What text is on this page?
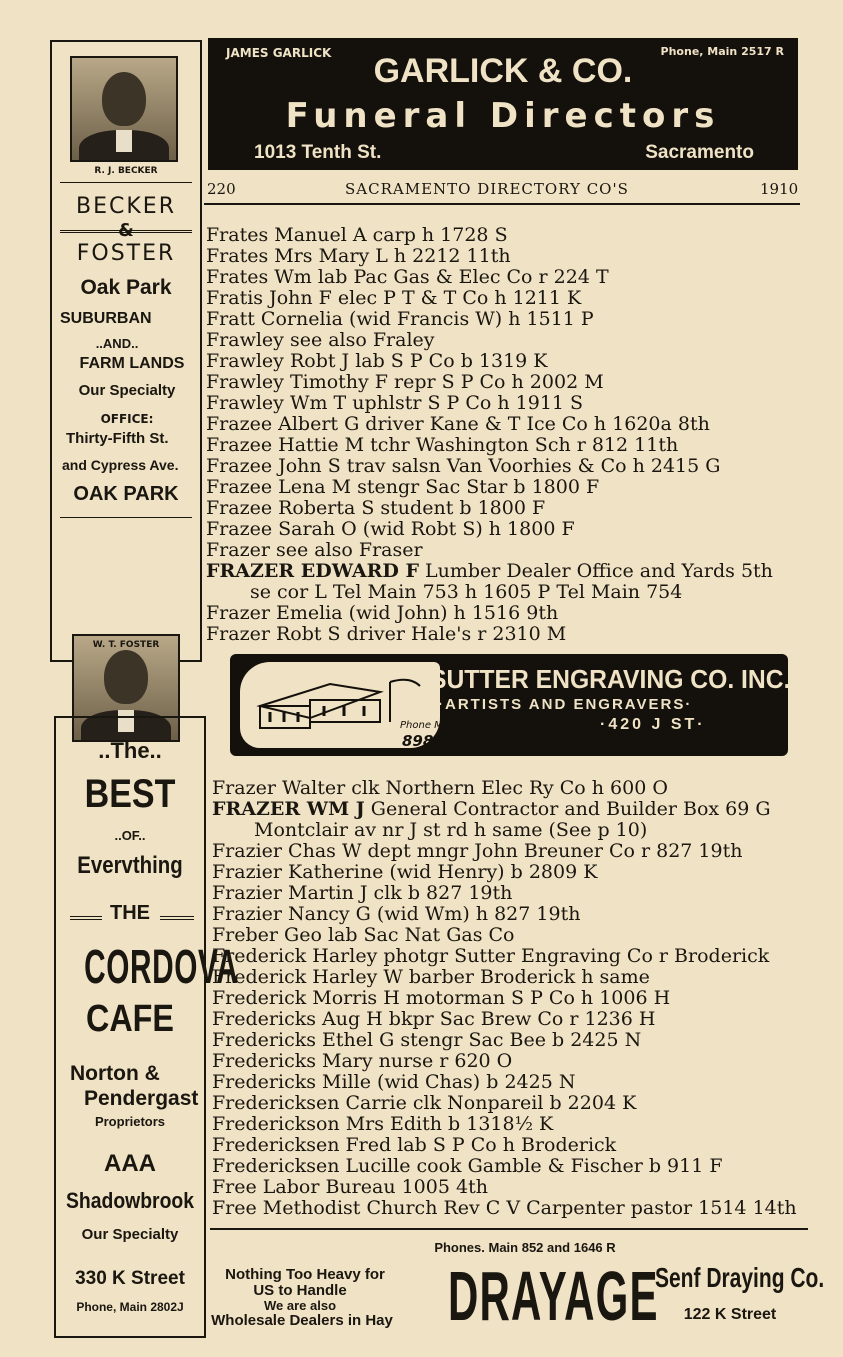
R. J. BECKER
BECKER
&
FOSTER
Oak Park
SUBURBAN
..AND..
FARM LANDS
Our Specialty
OFFICE:
Thirty-Fifth St.
and Cypress Ave.
OAK PARK
W. T. FOSTER
..The..
BEST
..OF..
Evervthing
THE
CORDOVA
CAFE
Norton &
Pendergast
Proprietors
AAA
Shadowbrook
Our Specialty
330 K Street
Phone, Main 2802J
JAMES GARLICK	Phone, Main 2517 R
GARLICK & CO.
Funeral Directors
1013 Tenth St.	Sacramento
220	SACRAMENTO DIRECTORY CO'S	1910
Frates Manuel A carp h 1728 S
Frates Mrs Mary L h 2212 11th
Frates Wm lab Pac Gas & Elec Co r 224 T
Fratis John F elec P T & T Co h 1211 K
Fratt Cornelia (wid Francis W) h 1511 P
Frawley see also Fraley
Frawley Robt J lab S P Co b 1319 K
Frawley Timothy F repr S P Co h 2002 M
Frawley Wm T uphlstr S P Co h 1911 S
Frazee Albert G driver Kane & T Ice Co h 1620a 8th
Frazee Hattie M tchr Washington Sch r 812 11th
Frazee John S trav salsn Van Voorhies & Co h 2415 G
Frazee Lena M stengr Sac Star b 1800 F
Frazee Roberta S student b 1800 F
Frazee Sarah O (wid Robt S) h 1800 F
Frazer see also Fraser
FRAZER EDWARD F Lumber Dealer Office and Yards 5th
se cor L Tel Main 753 h 1605 P Tel Main 754
Frazer Emelia (wid John) h 1516 9th
Frazer Robt S driver Hale's r 2310 M
SUTTER ENGRAVING CO. INC.
·ARTISTS AND ENGRAVERS·
·420 J ST·
Phone Main
898
Frazer Walter clk Northern Elec Ry Co h 600 O
FRAZER WM J General Contractor and Builder Box 69 G
Montclair av nr J st rd h same (See p 10)
Frazier Chas W dept mngr John Breuner Co r 827 19th
Frazier Katherine (wid Henry) b 2809 K
Frazier Martin J clk b 827 19th
Frazier Nancy G (wid Wm) h 827 19th
Freber Geo lab Sac Nat Gas Co
Frederick Harley photgr Sutter Engraving Co r Broderick
Frederick Harley W barber Broderick h same
Frederick Morris H motorman S P Co h 1006 H
Fredericks Aug H bkpr Sac Brew Co r 1236 H
Fredericks Ethel G stengr Sac Bee b 2425 N
Fredericks Mary nurse r 620 O
Fredericks Mille (wid Chas) b 2425 N
Fredericksen Carrie clk Nonpareil b 2204 K
Frederickson Mrs Edith b 1318½ K
Fredericksen Fred lab S P Co h Broderick
Fredericksen Lucille cook Gamble & Fischer b 911 F
Free Labor Bureau 1005 4th
Free Methodist Church Rev C V Carpenter pastor 1514 14th
Phones. Main 852 and 1646 R
Nothing Too Heavy for
US to Handle
We are also
Wholesale Dealers in Hay DRAYAGE
Senf Draying Co.
122 K Street
